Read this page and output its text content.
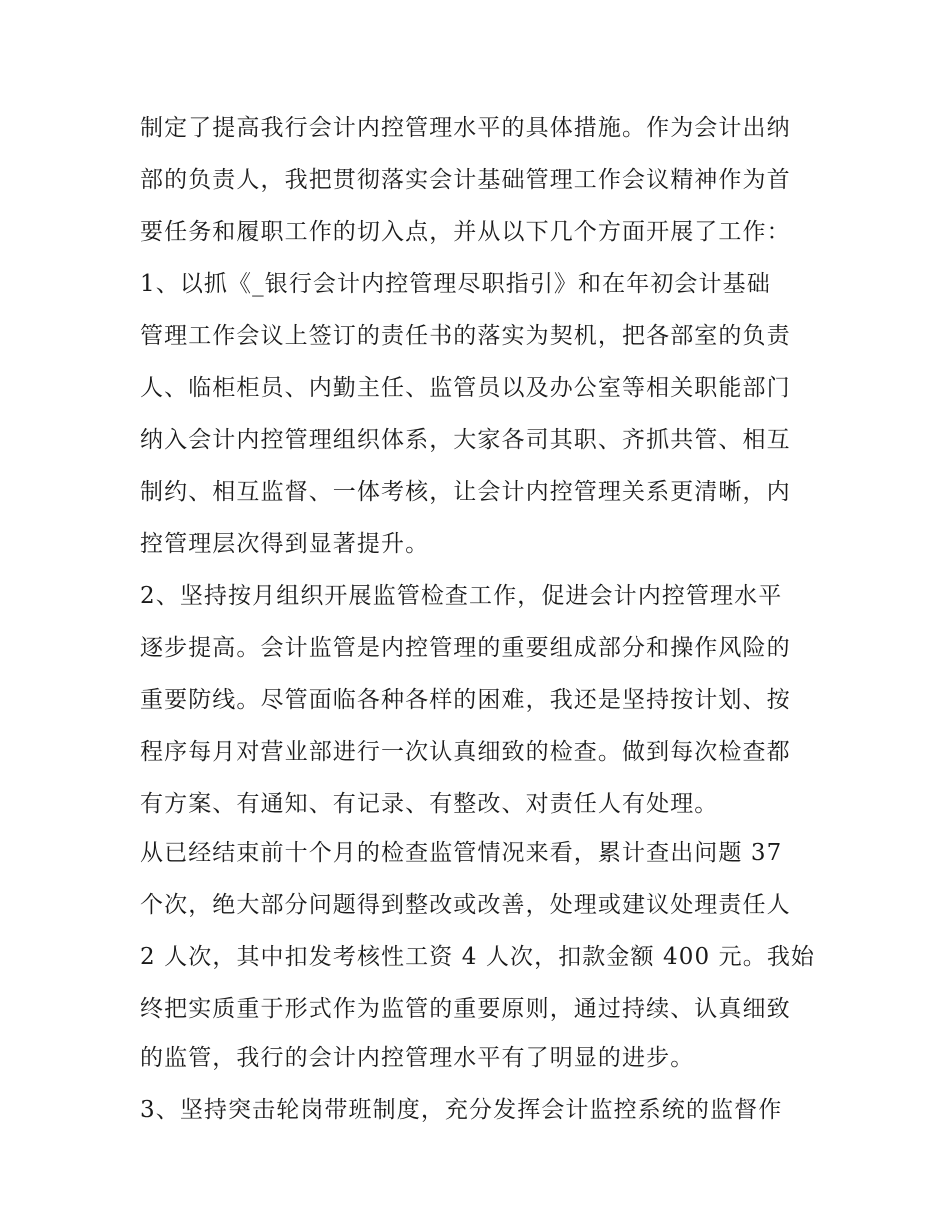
制定了提高我行会计内控管理水平的具体措施。作为会计出纳
部的负责人，我把贯彻落实会计基础管理工作会议精神作为首
要任务和履职工作的切入点，并从以下几个方面开展了工作：
1、以抓《_银行会计内控管理尽职指引》和在年初会计基础
管理工作会议上签订的责任书的落实为契机，把各部室的负责
人、临柜柜员、内勤主任、监管员以及办公室等相关职能部门
纳入会计内控管理组织体系，大家各司其职、齐抓共管、相互
制约、相互监督、一体考核，让会计内控管理关系更清晰，内
控管理层次得到显著提升。
2、坚持按月组织开展监管检查工作，促进会计内控管理水平
逐步提高。会计监管是内控管理的重要组成部分和操作风险的
重要防线。尽管面临各种各样的困难，我还是坚持按计划、按
程序每月对营业部进行一次认真细致的检查。做到每次检查都
有方案、有通知、有记录、有整改、对责任人有处理。
从已经结束前十个月的检查监管情况来看，累计查出问题 37
个次，绝大部分问题得到整改或改善，处理或建议处理责任人
2 人次，其中扣发考核性工资 4 人次，扣款金额 400 元。我始
终把实质重于形式作为监管的重要原则，通过持续、认真细致
的监管，我行的会计内控管理水平有了明显的进步。
3、坚持突击轮岗带班制度，充分发挥会计监控系统的监督作
